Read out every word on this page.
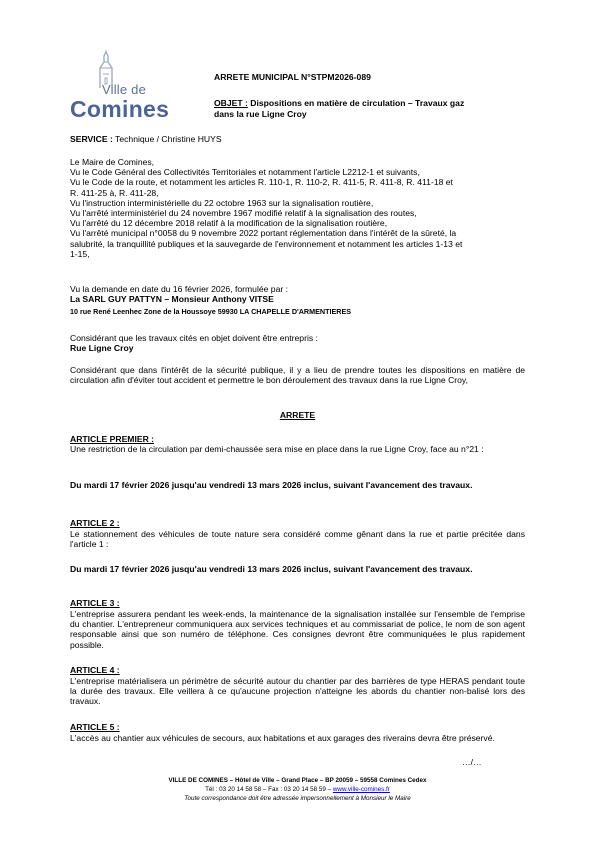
Ville de
Comines
ARRETE MUNICIPAL N°STPM2026-089
OBJET : Dispositions en matière de circulation – Travaux gaz
dans la rue Ligne Croy
SERVICE : Technique / Christine HUYS
Le Maire de Comines,
Vu le Code Général des Collectivités Territoriales et notamment l'article L2212-1 et suivants,
Vu le Code de la route, et notamment les articles R. 110-1, R. 110-2, R. 411-5, R. 411-8, R. 411-18 et
R. 411-25 à, R. 411-28,
Vu l'instruction interministérielle du 22 octobre 1963 sur la signalisation routière,
Vu l'arrêté interministériel du 24 novembre 1967 modifié relatif à la signalisation des routes,
Vu l'arrêté du 12 décembre 2018 relatif à la modification de la signalisation routière,
Vu l'arrêté municipal n°0058 du 9 novembre 2022 portant réglementation dans l'intérêt de la sûreté, la
salubrité, la tranquillité publiques et la sauvegarde de l'environnement et notamment les articles 1-13 et
1-15,
Vu la demande en date du 16 février 2026, formulée par :
La SARL GUY PATTYN – Monsieur Anthony VITSE
10 rue René Leenhec Zone de la Houssoye 59930 LA CHAPELLE D'ARMENTIERES
Considérant que les travaux cités en objet doivent être entrepris :
Rue Ligne Croy
Considérant que dans l'intérêt de la sécurité publique, il y a lieu de prendre toutes les dispositions en matière de circulation afin d'éviter tout accident et permettre le bon déroulement des travaux dans la rue Ligne Croy,
ARRETE
ARTICLE PREMIER :
Une restriction de la circulation par demi-chaussée sera mise en place dans la rue Ligne Croy, face au n°21 :
Du mardi 17 février 2026 jusqu'au vendredi 13 mars 2026 inclus, suivant l'avancement des travaux.
ARTICLE 2 :
Le stationnement des véhicules de toute nature sera considéré comme gênant dans la rue et partie précitée dans l'article 1 :
Du mardi 17 février 2026 jusqu'au vendredi 13 mars 2026 inclus, suivant l'avancement des travaux.
ARTICLE 3 :
L'entreprise assurera pendant les week-ends, la maintenance de la signalisation installée sur l'ensemble de l'emprise du chantier. L'entrepreneur communiquera aux services techniques et au commissariat de police, le nom de son agent responsable ainsi que son numéro de téléphone. Ces consignes devront être communiquées le plus rapidement possible.
ARTICLE 4 :
L'entreprise matérialisera un périmètre de sécurité autour du chantier par des barrières de type HERAS pendant toute la durée des travaux. Elle veillera à ce qu'aucune projection n'atteigne les abords du chantier non-balisé lors des travaux.
ARTICLE 5 :
L'accès au chantier aux véhicules de secours, aux habitations et aux garages des riverains devra être préservé.
…/…
VILLE DE COMINES – Hôtel de Ville – Grand Place – BP 20059 – 59558 Comines Cedex
Tél : 03 20 14 58 58 – Fax : 03 20 14 58 59 – www.ville-comines.fr
Toute correspondance doit être adressée impersonnellement à Monsieur le Maire
